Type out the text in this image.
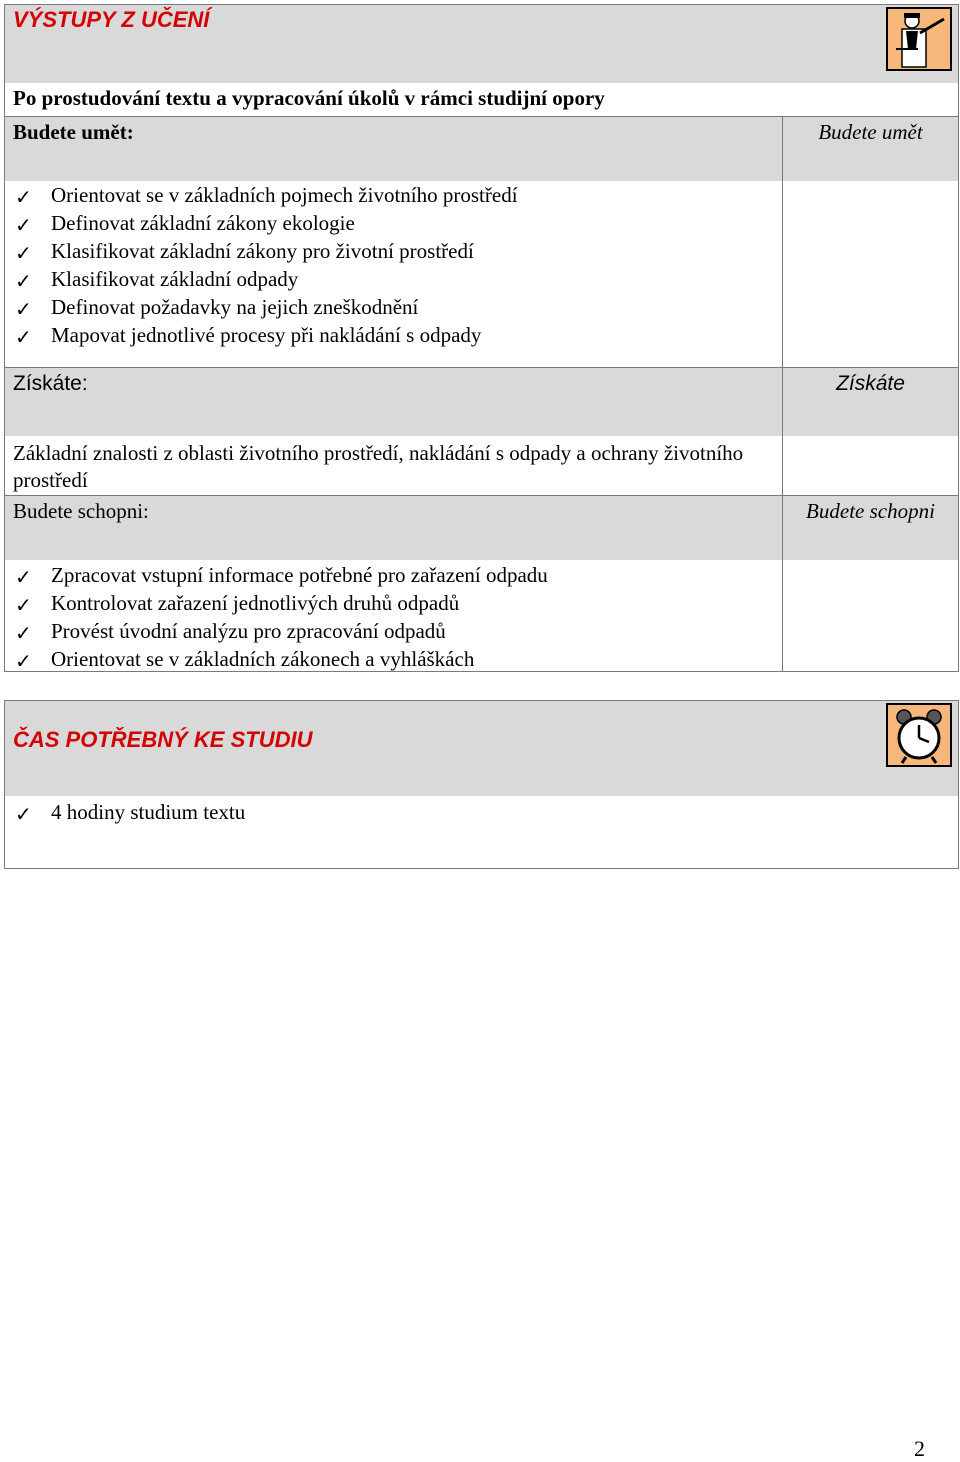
VÝSTUPY Z UČENÍ
Po prostudování textu a vypracování úkolů v rámci studijní opory
Budete umět:	Budete umět
✓ Orientovat se v základních pojmech životního prostředí
✓ Definovat základní zákony ekologie
✓ Klasifikovat základní zákony pro životní prostředí
✓ Klasifikovat základní odpady
✓ Definovat požadavky na jejich zneškodnění
✓ Mapovat jednotlivé procesy při nakládání s odpady
Získáte:	Získáte
Základní znalosti z oblasti životního prostředí, nakládání s odpady a ochrany životního prostředí
Budete schopni:	Budete schopni
✓ Zpracovat vstupní informace potřebné pro zařazení odpadu
✓ Kontrolovat zařazení jednotlivých druhů odpadů
✓ Provést úvodní analýzu pro zpracování odpadů
✓ Orientovat se v základních zákonech a vyhláškách
ČAS POTŘEBNÝ KE STUDIU
✓ 4 hodiny studium textu
2
